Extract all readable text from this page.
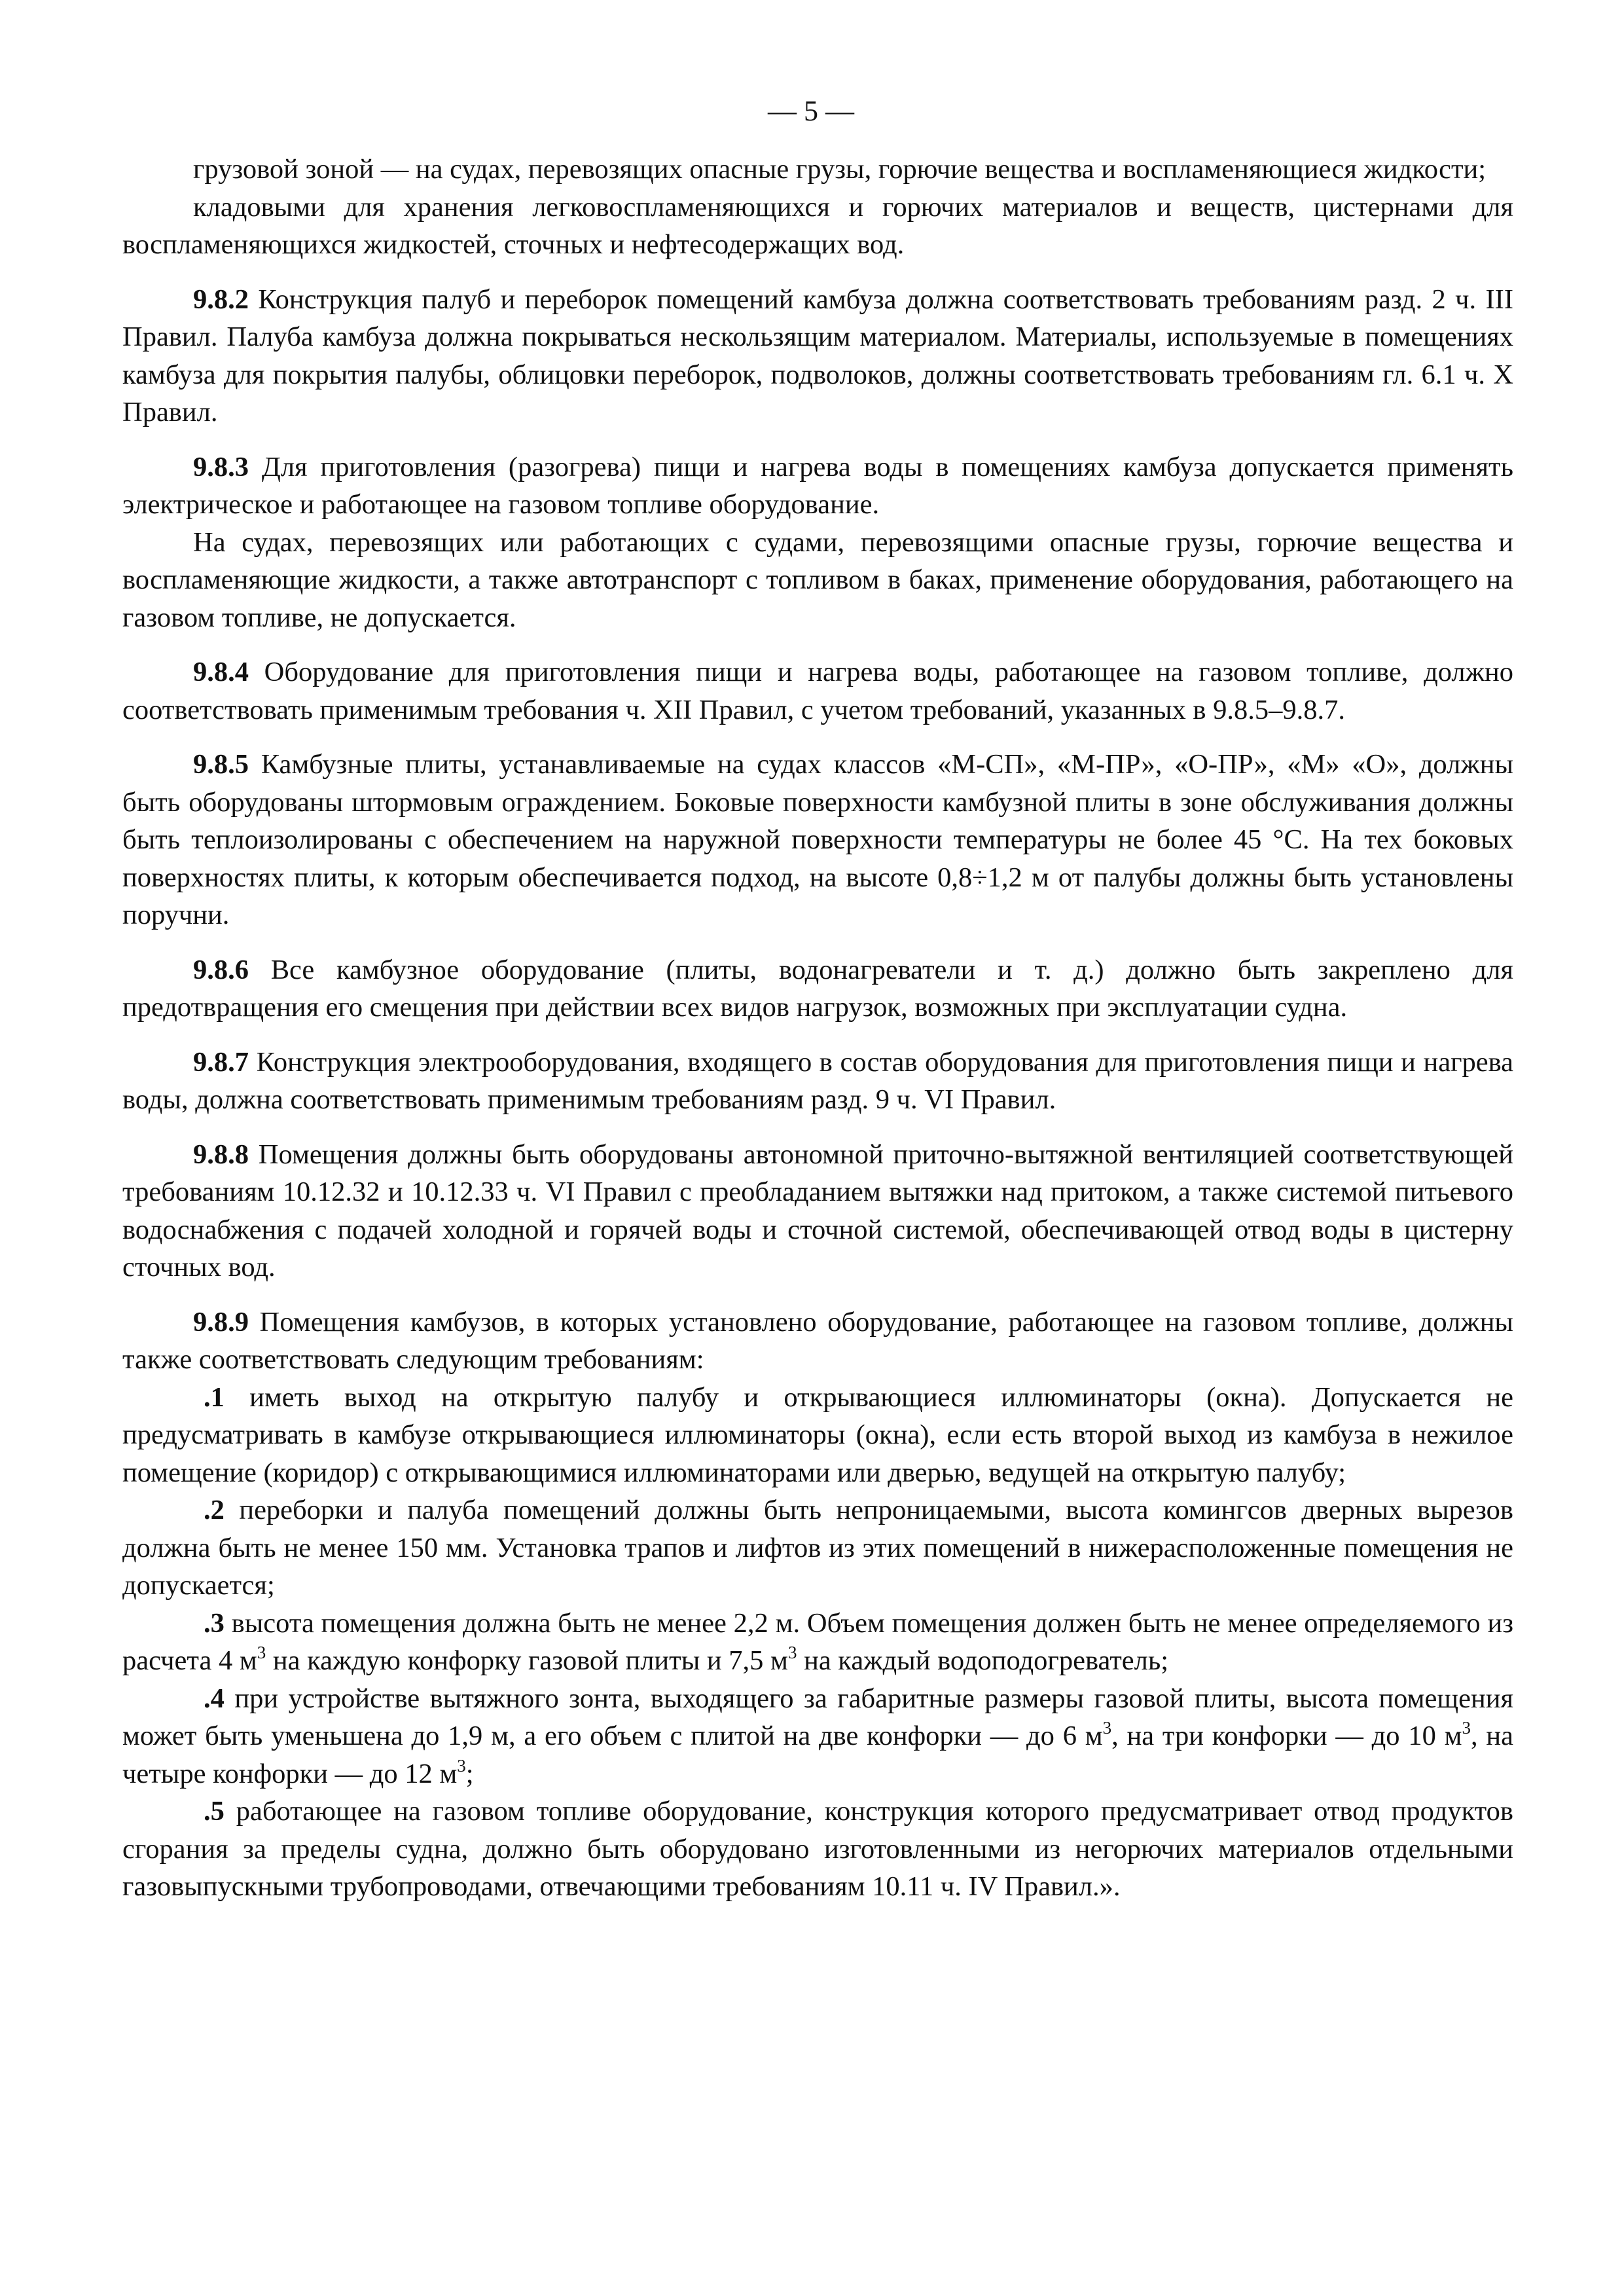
— 5 —

грузовой зоной — на судах, перевозящих опасные грузы, горючие вещества и воспламеняющиеся жидкости;

кладовыми для хранения легковоспламеняющихся и горючих материалов и веществ, цистернами для воспламеняющихся жидкостей, сточных и нефтесодержащих вод.

9.8.2 Конструкция палуб и переборок помещений камбуза должна соответствовать требованиям разд. 2 ч. III Правил. Палуба камбуза должна покрываться нескользящим материалом. Материалы, используемые в помещениях камбуза для покрытия палубы, облицовки переборок, подволоков, должны соответствовать требованиям гл. 6.1 ч. X Правил.

9.8.3 Для приготовления (разогрева) пищи и нагрева воды в помещениях камбуза допускается применять электрическое и работающее на газовом топливе оборудование.

На судах, перевозящих или работающих с судами, перевозящими опасные грузы, горючие вещества и воспламеняющие жидкости, а также автотранспорт с топливом в баках, применение оборудования, работающего на газовом топливе, не допускается.

9.8.4 Оборудование для приготовления пищи и нагрева воды, работающее на газовом топливе, должно соответствовать применимым требования ч. XII Правил, с учетом требований, указанных в 9.8.5–9.8.7.

9.8.5 Камбузные плиты, устанавливаемые на судах классов «М-СП», «М-ПР», «О-ПР», «М» «О», должны быть оборудованы штормовым ограждением. Боковые поверхности камбузной плиты в зоне обслуживания должны быть теплоизолированы с обеспечением на наружной поверхности температуры не более 45 °С. На тех боковых поверхностях плиты, к которым обеспечивается подход, на высоте 0,8÷1,2 м от палубы должны быть установлены поручни.

9.8.6 Все камбузное оборудование (плиты, водонагреватели и т. д.) должно быть закреплено для предотвращения его смещения при действии всех видов нагрузок, возможных при эксплуатации судна.

9.8.7 Конструкция электрооборудования, входящего в состав оборудования для приготовления пищи и нагрева воды, должна соответствовать применимым требованиям разд. 9 ч. VI Правил.

9.8.8 Помещения должны быть оборудованы автономной приточно-вытяжной вентиляцией соответствующей требованиям 10.12.32 и 10.12.33 ч. VI Правил с преобладанием вытяжки над притоком, а также системой питьевого водоснабжения с подачей холодной и горячей воды и сточной системой, обеспечивающей отвод воды в цистерну сточных вод.

9.8.9 Помещения камбузов, в которых установлено оборудование, работающее на газовом топливе, должны также соответствовать следующим требованиям:

.1 иметь выход на открытую палубу и открывающиеся иллюминаторы (окна). Допускается не предусматривать в камбузе открывающиеся иллюминаторы (окна), если есть второй выход из камбуза в нежилое помещение (коридор) с открывающимися иллюминаторами или дверью, ведущей на открытую палубу;

.2 переборки и палуба помещений должны быть непроницаемыми, высота комингсов дверных вырезов должна быть не менее 150 мм. Установка трапов и лифтов из этих помещений в нижерасположенные помещения не допускается;

.3 высота помещения должна быть не менее 2,2 м. Объем помещения должен быть не менее определяемого из расчета 4 $м^3$ на каждую конфорку газовой плиты и 7,5 $м^3$ на каждый водоподогреватель;

.4 при устройстве вытяжного зонта, выходящего за габаритные размеры газовой плиты, высота помещения может быть уменьшена до 1,9 м, а его объем с плитой на две конфорки — до 6 $м^3$, на три конфорки — до 10 $м^3$, на четыре конфорки — до 12 $м^3$;

.5 работающее на газовом топливе оборудование, конструкция которого предусматривает отвод продуктов сгорания за пределы судна, должно быть оборудовано изготовленными из негорючих материалов отдельными газовыпускными трубопроводами, отвечающими требованиям 10.11 ч. IV Правил.».
